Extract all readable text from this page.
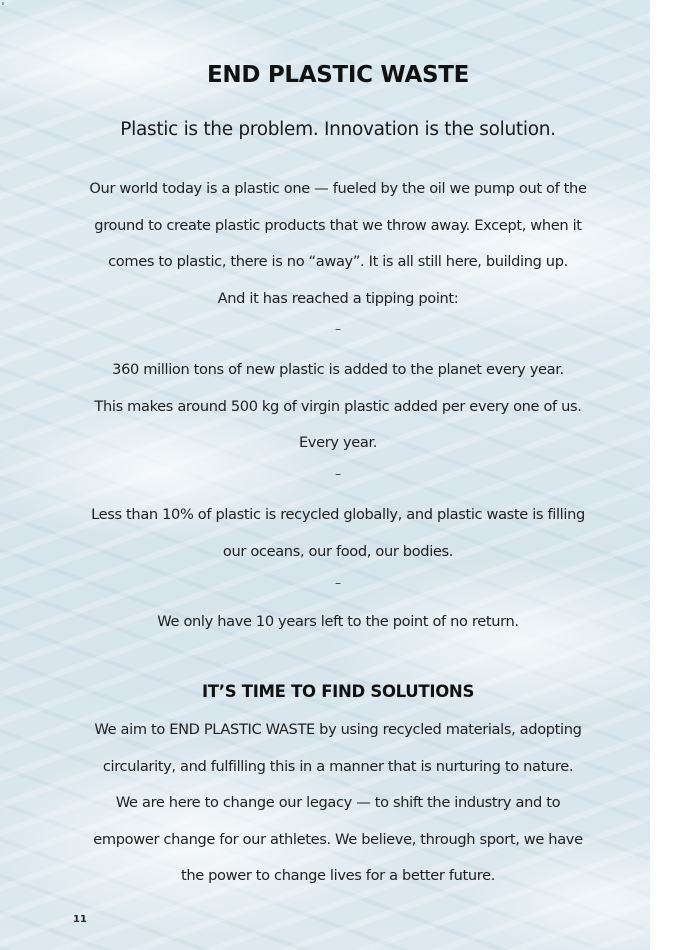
END PLASTIC WASTE

Plastic is the problem. Innovation is the solution.

Our world today is a plastic one — fueled by the oil we pump out of the
ground to create plastic products that we throw away. Except, when it
comes to plastic, there is no “away”. It is all still here, building up.
And it has reached a tipping point:

–

360 million tons of new plastic is added to the planet every year.
This makes around 500 kg of virgin plastic added per every one of us.
Every year.

–

Less than 10% of plastic is recycled globally, and plastic waste is filling
our oceans, our food, our bodies.

–

We only have 10 years left to the point of no return.

IT’S TIME TO FIND SOLUTIONS

We aim to END PLASTIC WASTE by using recycled materials, adopting
circularity, and fulfilling this in a manner that is nurturing to nature.
We are here to change our legacy — to shift the industry and to
empower change for our athletes. We believe, through sport, we have
the power to change lives for a better future.

11
